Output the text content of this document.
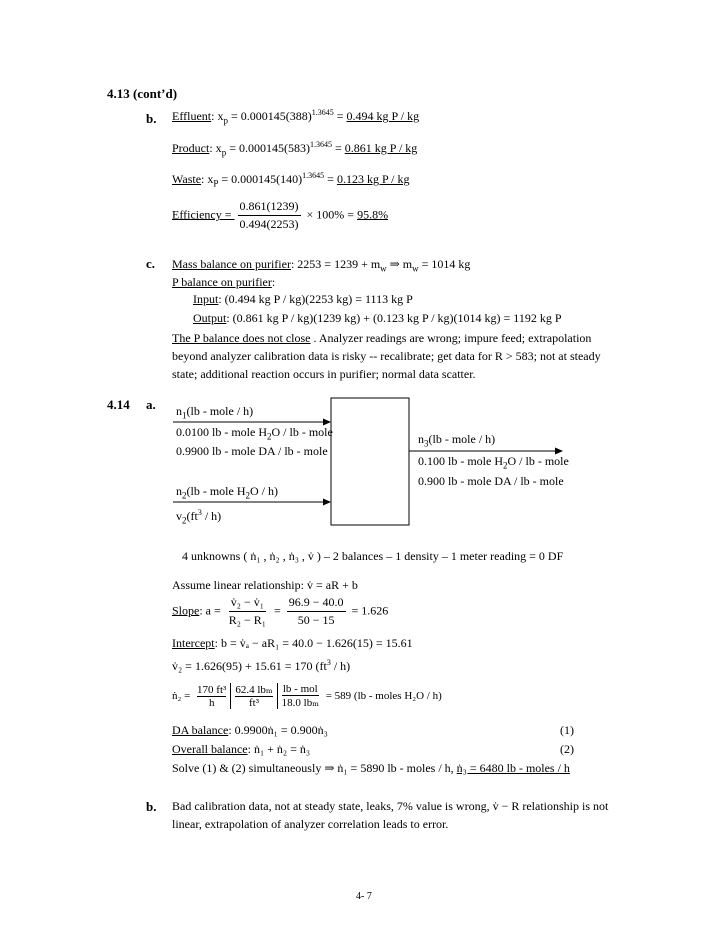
4.13 (cont’d)
b. Effluent: $x_p = 0.000145(388)^{1.3645} = 0.494$ kg P / kg
Product: $x_p = 0.000145(583)^{1.3645} = 0.861$ kg P / kg
Waste: $x_P = 0.000145(140)^{1.3645} = 0.123$ kg P / kg
Efficiency = $\frac{0.861(1239)}{0.494(2253)} \times 100\% = 95.8\%$
c. Mass balance on purifier: $2253 = 1239 + m_w$ ⇒ $m_w = 1014$ kg
P balance on purifier:
Input: (0.494 kg P / kg)(2253 kg) = 1113 kg P
Output: (0.861 kg P / kg)(1239 kg) + (0.123 kg P / kg)(1014 kg) = 1192 kg P
The P balance does not close . Analyzer readings are wrong; impure feed; extrapolation
beyond analyzer calibration data is risky -- recalibrate; get data for R > 583; not at steady
state; additional reaction occurs in purifier; normal data scatter.
4.14 a. $n_1(lb$ - mole / h)
0.0100 lb - mole $H_2O$ / lb - mole
0.9900 lb - mole DA / lb - mole
$n_2(lb$ - mole $H_2O / h$)
$v_2(ft^3 / h)$
$n_3(lb$ - mole / h)
0.100 lb - mole $H_2O$ / lb - mole
0.900 lb - mole DA / lb - mole
4 unknowns ( ṅ₁ , ṅ₂ , ṅ₃ , v̇ ) – 2 balances – 1 density – 1 meter reading = 0 DF
Assume linear relationship: v̇ = aR + b
Slope: $a = \frac{\text{v̇₂ − v̇₁}}{\text{R₂ − R₁}} = \frac{96.9 - 40.0}{50 - 15} = 1.626$
Intercept: b = v̇ₐ − aR₁ = 40.0 − 1.626(15) = 15.61
v̇₂ = 1.626(95) + 15.61 = 170 $(ft^3 / h)$
ṅ₂ = $\frac{\text{170 ft³}}{h} 62.4$ lbₘ
ft³
lb - mol
18.0 lbₘ
= 589 (lb - moles H₂O / h)
DA balance: 0.9900ṅ₁ = 0.900ṅ₃	(1)
Overall balance: ṅ₁ + ṅ₂ = ṅ₃	(2)
Solve (1) & (2) simultaneously ⇒ ṅ₁ = 5890 lb - moles / h, ṅ₃ = 6480 lb - moles / h
b. Bad calibration data, not at steady state, leaks, 7% value is wrong, v̇ − R relationship is not
linear, extrapolation of analyzer correlation leads to error.
4- 7
